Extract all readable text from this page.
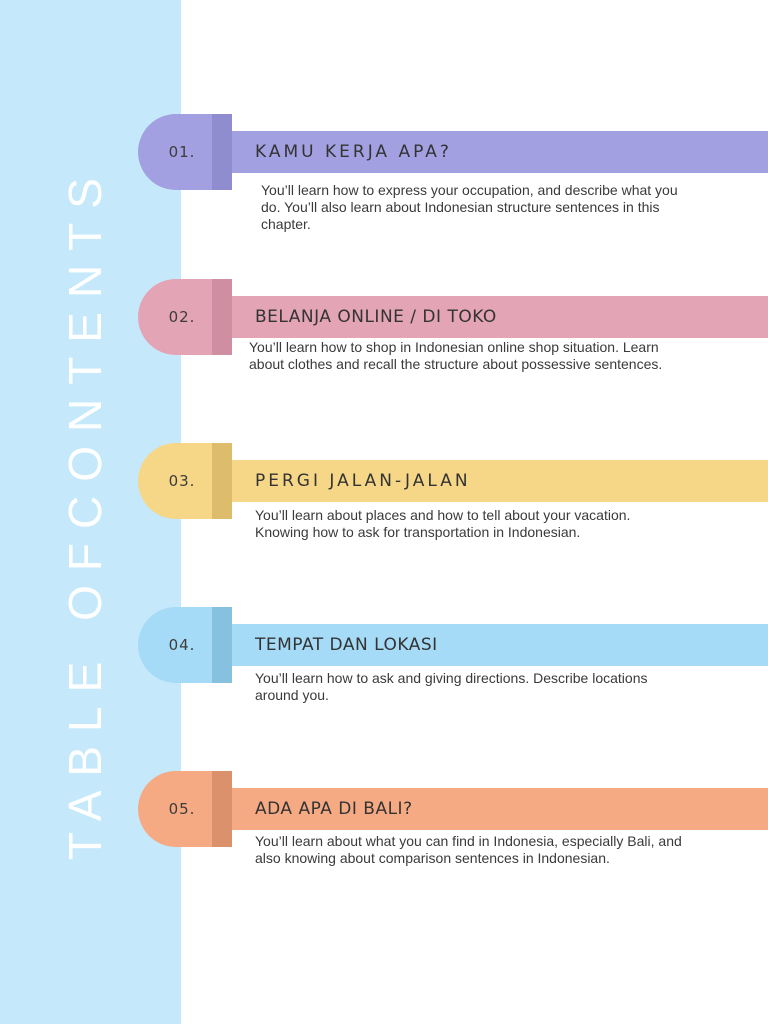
TABLE OFCONTENTS
01.	KAMU KERJA APA?
You’ll learn how to express your occupation, and describe what you do. You’ll also learn about Indonesian structure sentences in this chapter.
02.	BELANJA ONLINE / DI TOKO
You’ll learn how to shop in Indonesian online shop situation. Learn about clothes and recall the structure about possessive sentences.
03.	PERGI JALAN-JALAN
You’ll learn about places and how to tell about your vacation. Knowing how to ask for transportation in Indonesian.
04.	TEMPAT DAN LOKASI
You’ll learn how to ask and giving directions. Describe locations around you.
05.	ADA APA DI BALI?
You’ll learn about what you can find in Indonesia, especially Bali, and also knowing about comparison sentences in Indonesian.
